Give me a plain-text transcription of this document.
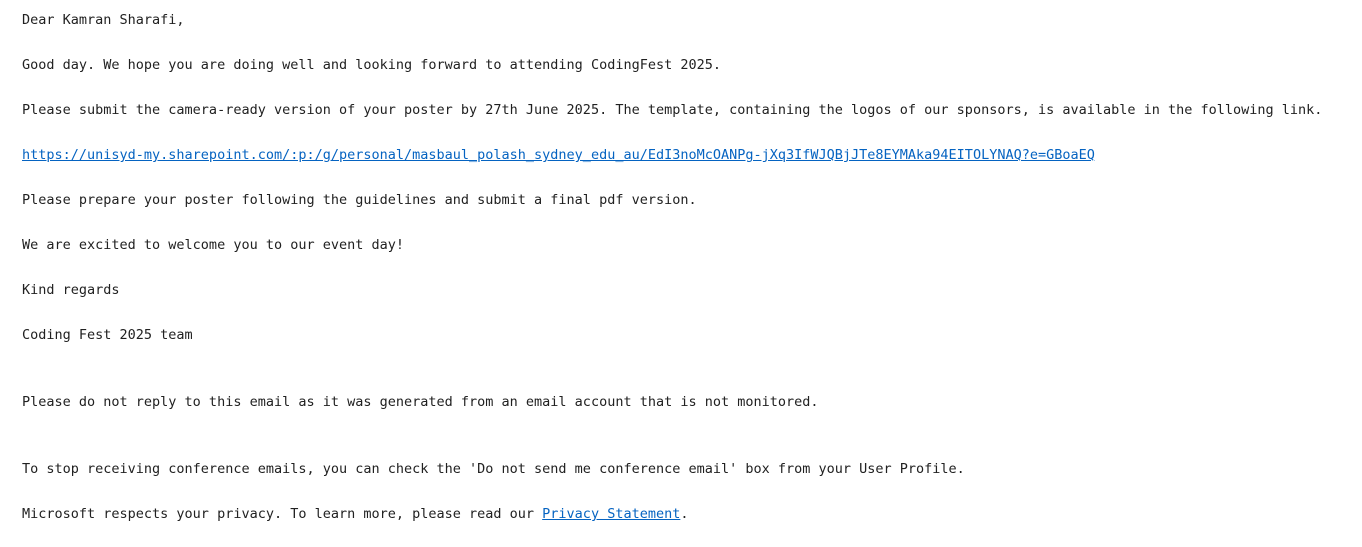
Dear Kamran Sharafi,

Good day. We hope you are doing well and looking forward to attending CodingFest 2025.

Please submit the camera-ready version of your poster by 27th June 2025. The template, containing the logos of our sponsors, is available in the following link.

https://unisyd-my.sharepoint.com/:p:/g/personal/masbaul_polash_sydney_edu_au/EdI3noMcOANPg-jXq3IfWJQBjJTe8EYMAka94EITOLYNAQ?e=GBoaEQ

Please prepare your poster following the guidelines and submit a final pdf version.

We are excited to welcome you to our event day!

Kind regards

Coding Fest 2025 team

Please do not reply to this email as it was generated from an email account that is not monitored.

To stop receiving conference emails, you can check the 'Do not send me conference email' box from your User Profile.

Microsoft respects your privacy. To learn more, please read our Privacy Statement.
